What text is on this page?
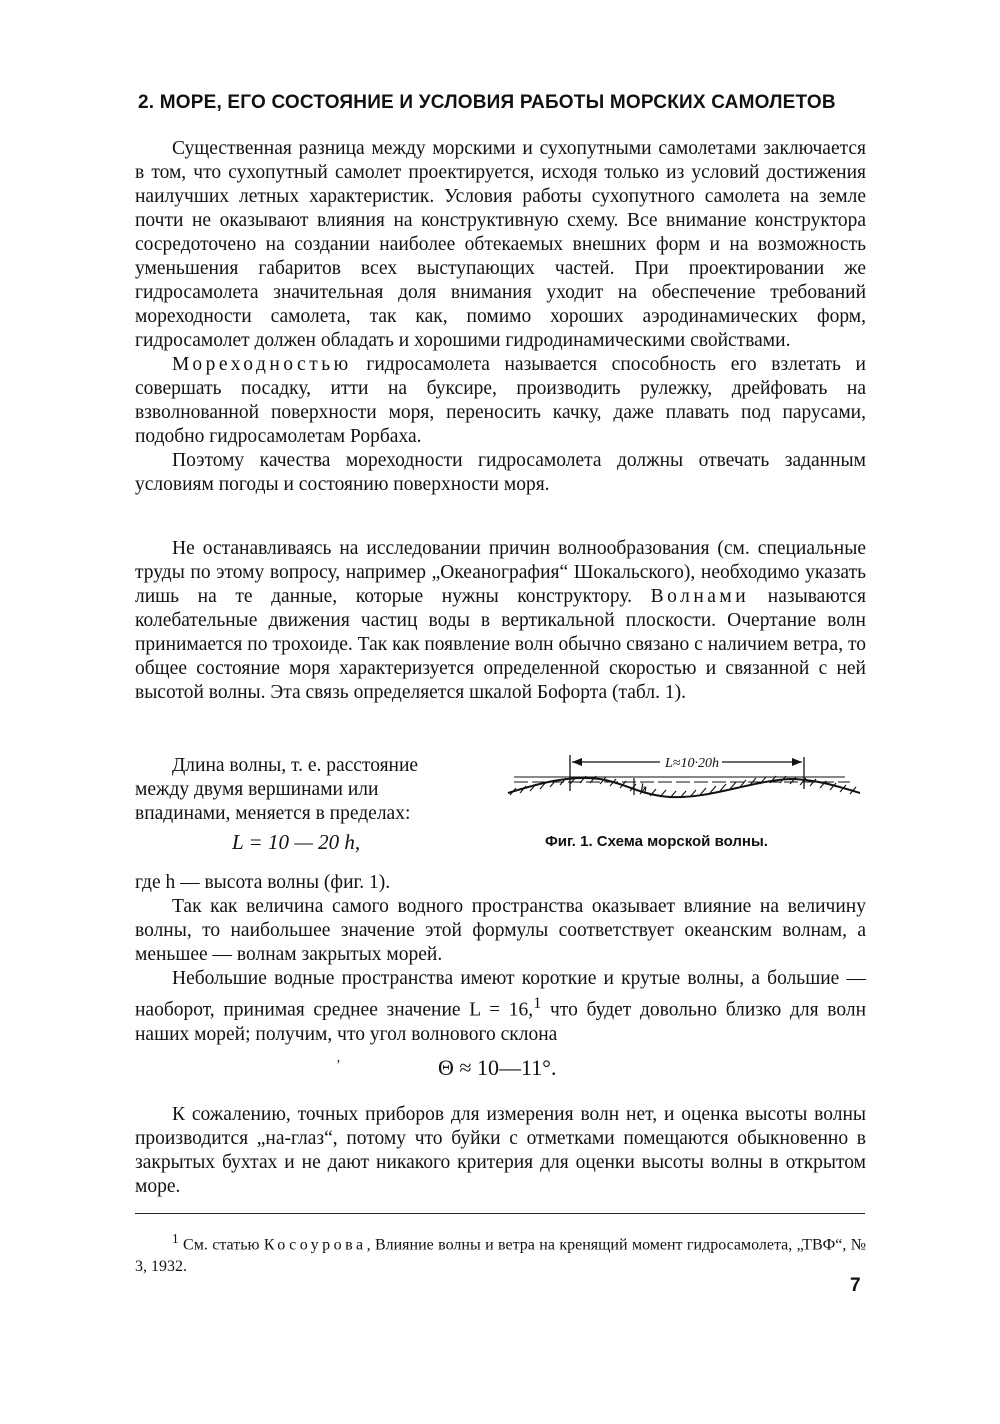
2. МОРЕ, ЕГО СОСТОЯНИЕ И УСЛОВИЯ РАБОТЫ МОРСКИХ САМОЛЕТОВ

Существенная разница между морскими и сухопутными самолетами заключается в том, что сухопутный самолет проектируется, исходя только из условий достижения наилучших летных характеристик. Условия работы сухопутного самолета на земле почти не оказывают влияния на конструктивную схему. Все внимание конструктора сосредоточено на создании наиболее обтекаемых внешних форм и на возможность уменьшения габаритов всех выступающих частей. При проектировании же гидросамолета значительная доля внимания уходит на обеспечение требований мореходности самолета, так как, помимо хороших аэродинамических форм, гидросамолет должен обладать и хорошими гидродинамическими свойствами.

Мореходностью гидросамолета называется способность его взлетать и совершать посадку, итти на буксире, производить рулежку, дрейфовать на взволнованной поверхности моря, переносить качку, даже плавать под парусами, подобно гидросамолетам Рорбаха.

Поэтому качества мореходности гидросамолета должны отвечать заданным условиям погоды и состоянию поверхности моря.

Не останавливаясь на исследовании причин волнообразования (см. специальные труды по этому вопросу, например „Океанография“ Шокальского), необходимо указать лишь на те данные, которые нужны конструктору. Волнами называются колебательные движения частиц воды в вертикальной плоскости. Очертание волн принимается по трохоиде. Так как появление волн обычно связано с наличием ветра, то общее состояние моря характеризуется определенной скоростью и связанной с ней высотой волны. Эта связь определяется шкалой Бофорта (табл. 1).

Длина волны, т. е. расстояние между двумя вершинами или впадинами, меняется в пределах:

L = 10 — 20 h,
L≈10·20h
h
Фиг. 1. Схема морской волны.

где h — высота волны (фиг. 1).

Так как величина самого водного пространства оказывает влияние на величину волны, то наибольшее значение этой формулы соответствует океанским волнам, а меньшее — волнам закрытых морей.

Небольшие водные пространства имеют короткие и крутые волны, а большие — наоборот, принимая среднее значение L = 16,$^1$ что будет довольно близко для волн наших морей; получим, что угол волнового склона

ʼ	Θ ≈ 10—11°.

К сожалению, точных приборов для измерения волн нет, и оценка высоты волны производится „на-глаз“, потому что буйки с отметками помещаются обыкновенно в закрытых бухтах и не дают никакого критерия для оценки высоты волны в открытом море.

$^1$ См. статью Косоурова, Влияние волны и ветра на кренящий момент гидросамолета, „ТВФ“, № 3, 1932.

7
